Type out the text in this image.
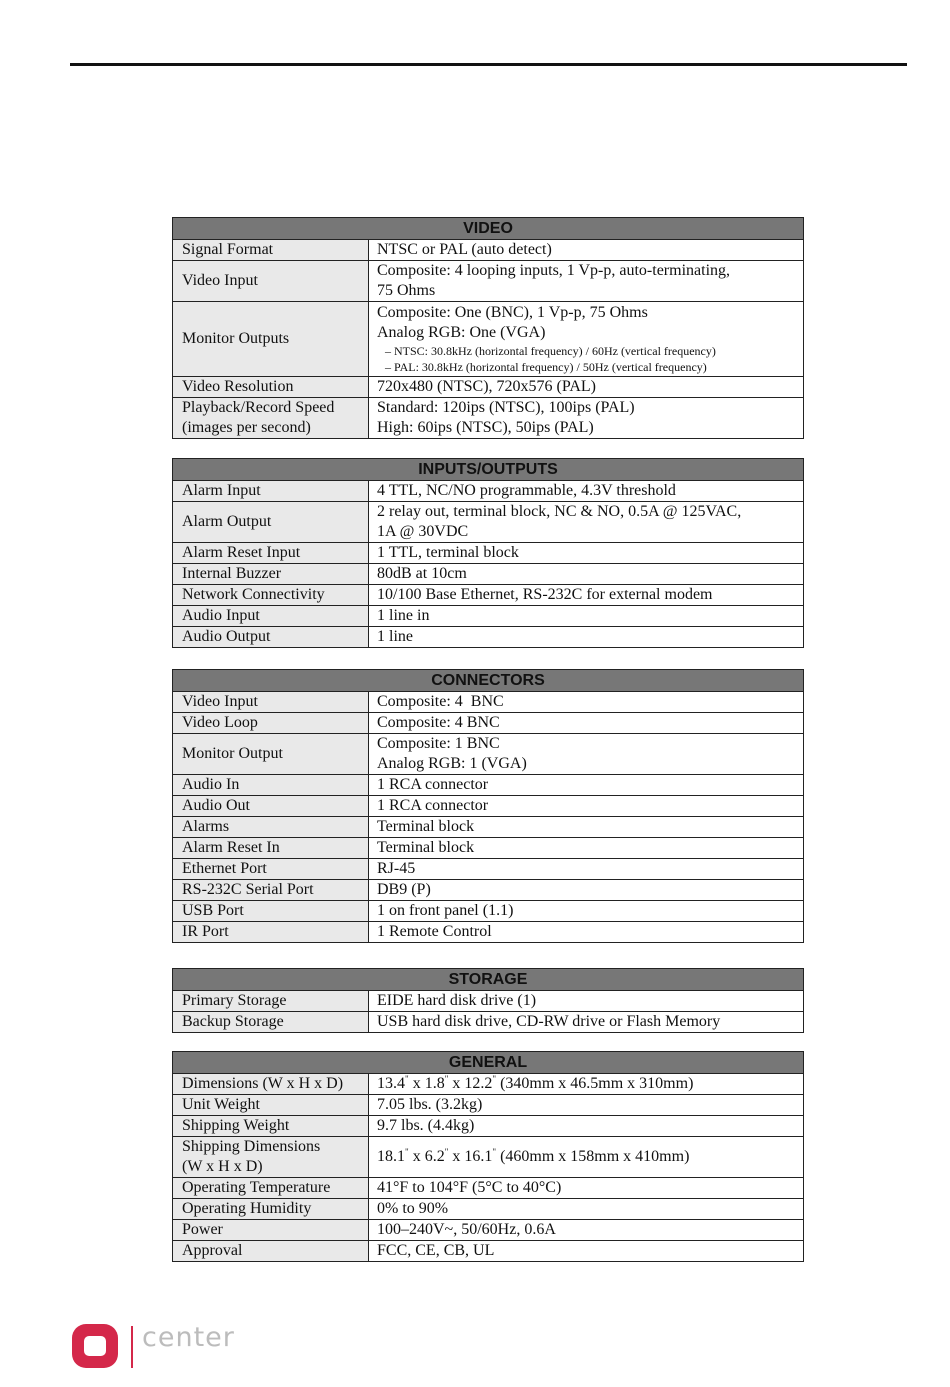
VIDEO	
Signal Format	NTSC or PAL (auto detect)
Video Input	Composite: 4 looping inputs, 1 Vp-p, auto-terminating,
75 Ohms

Monitor Outputs	Composite: One (BNC), 1 Vp-p, 75 Ohms
Analog RGB: One (VGA)
– NTSC: 30.8kHz (horizontal frequency) / 60Hz (vertical frequency)
– PAL: 30.8kHz (horizontal frequency) / 50Hz (vertical frequency)

Video Resolution	720x480 (NTSC), 720x576 (PAL)

Playback/Record Speed
(images per second)	Standard: 120ips (NTSC), 100ips (PAL)
High: 60ips (NTSC), 50ips (PAL)
INPUTS/OUTPUTS	
Alarm Input	4 TTL, NC/NO programmable, 4.3V threshold
Alarm Output	2 relay out, terminal block, NC & NO, 0.5A @ 125VAC,
1A @ 30VDC

Alarm Reset Input	1 TTL, terminal block
Internal Buzzer	80dB at 10cm
Network Connectivity	10/100 Base Ethernet, RS-232C for external modem
Audio Input	1 line in
Audio Output	1 line
CONNECTORS	
Video Input	Composite: 4  BNC
Video Loop	Composite: 4 BNC
Monitor Output	Composite: 1 BNC
Analog RGB: 1 (VGA)

Audio In	1 RCA connector
Audio Out	1 RCA connector
Alarms	Terminal block
Alarm Reset In	Terminal block
Ethernet Port	RJ-45
RS-232C Serial Port	DB9 (P)
USB Port	1 on front panel (1.1)
IR Port	1 Remote Control
STORAGE	
Primary Storage	EIDE hard disk drive (1)
Backup Storage	USB hard disk drive, CD-RW drive or Flash Memory
GENERAL	
Dimensions (W x H x D)	13.4" x 1.8" x 12.2" (340mm x 46.5mm x 310mm)
Unit Weight	7.05 lbs. (3.2kg)
Shipping Weight	9.7 lbs. (4.4kg)

Shipping Dimensions
(W x H x D)	18.1" x 6.2" x 16.1" (460mm x 158mm x 410mm)
Operating Temperature	41°F to 104°F (5°C to 40°C)
Operating Humidity	0% to 90%
Power	100–240V~, 50/60Hz, 0.6A
Approval	FCC, CE, CB, UL
center
